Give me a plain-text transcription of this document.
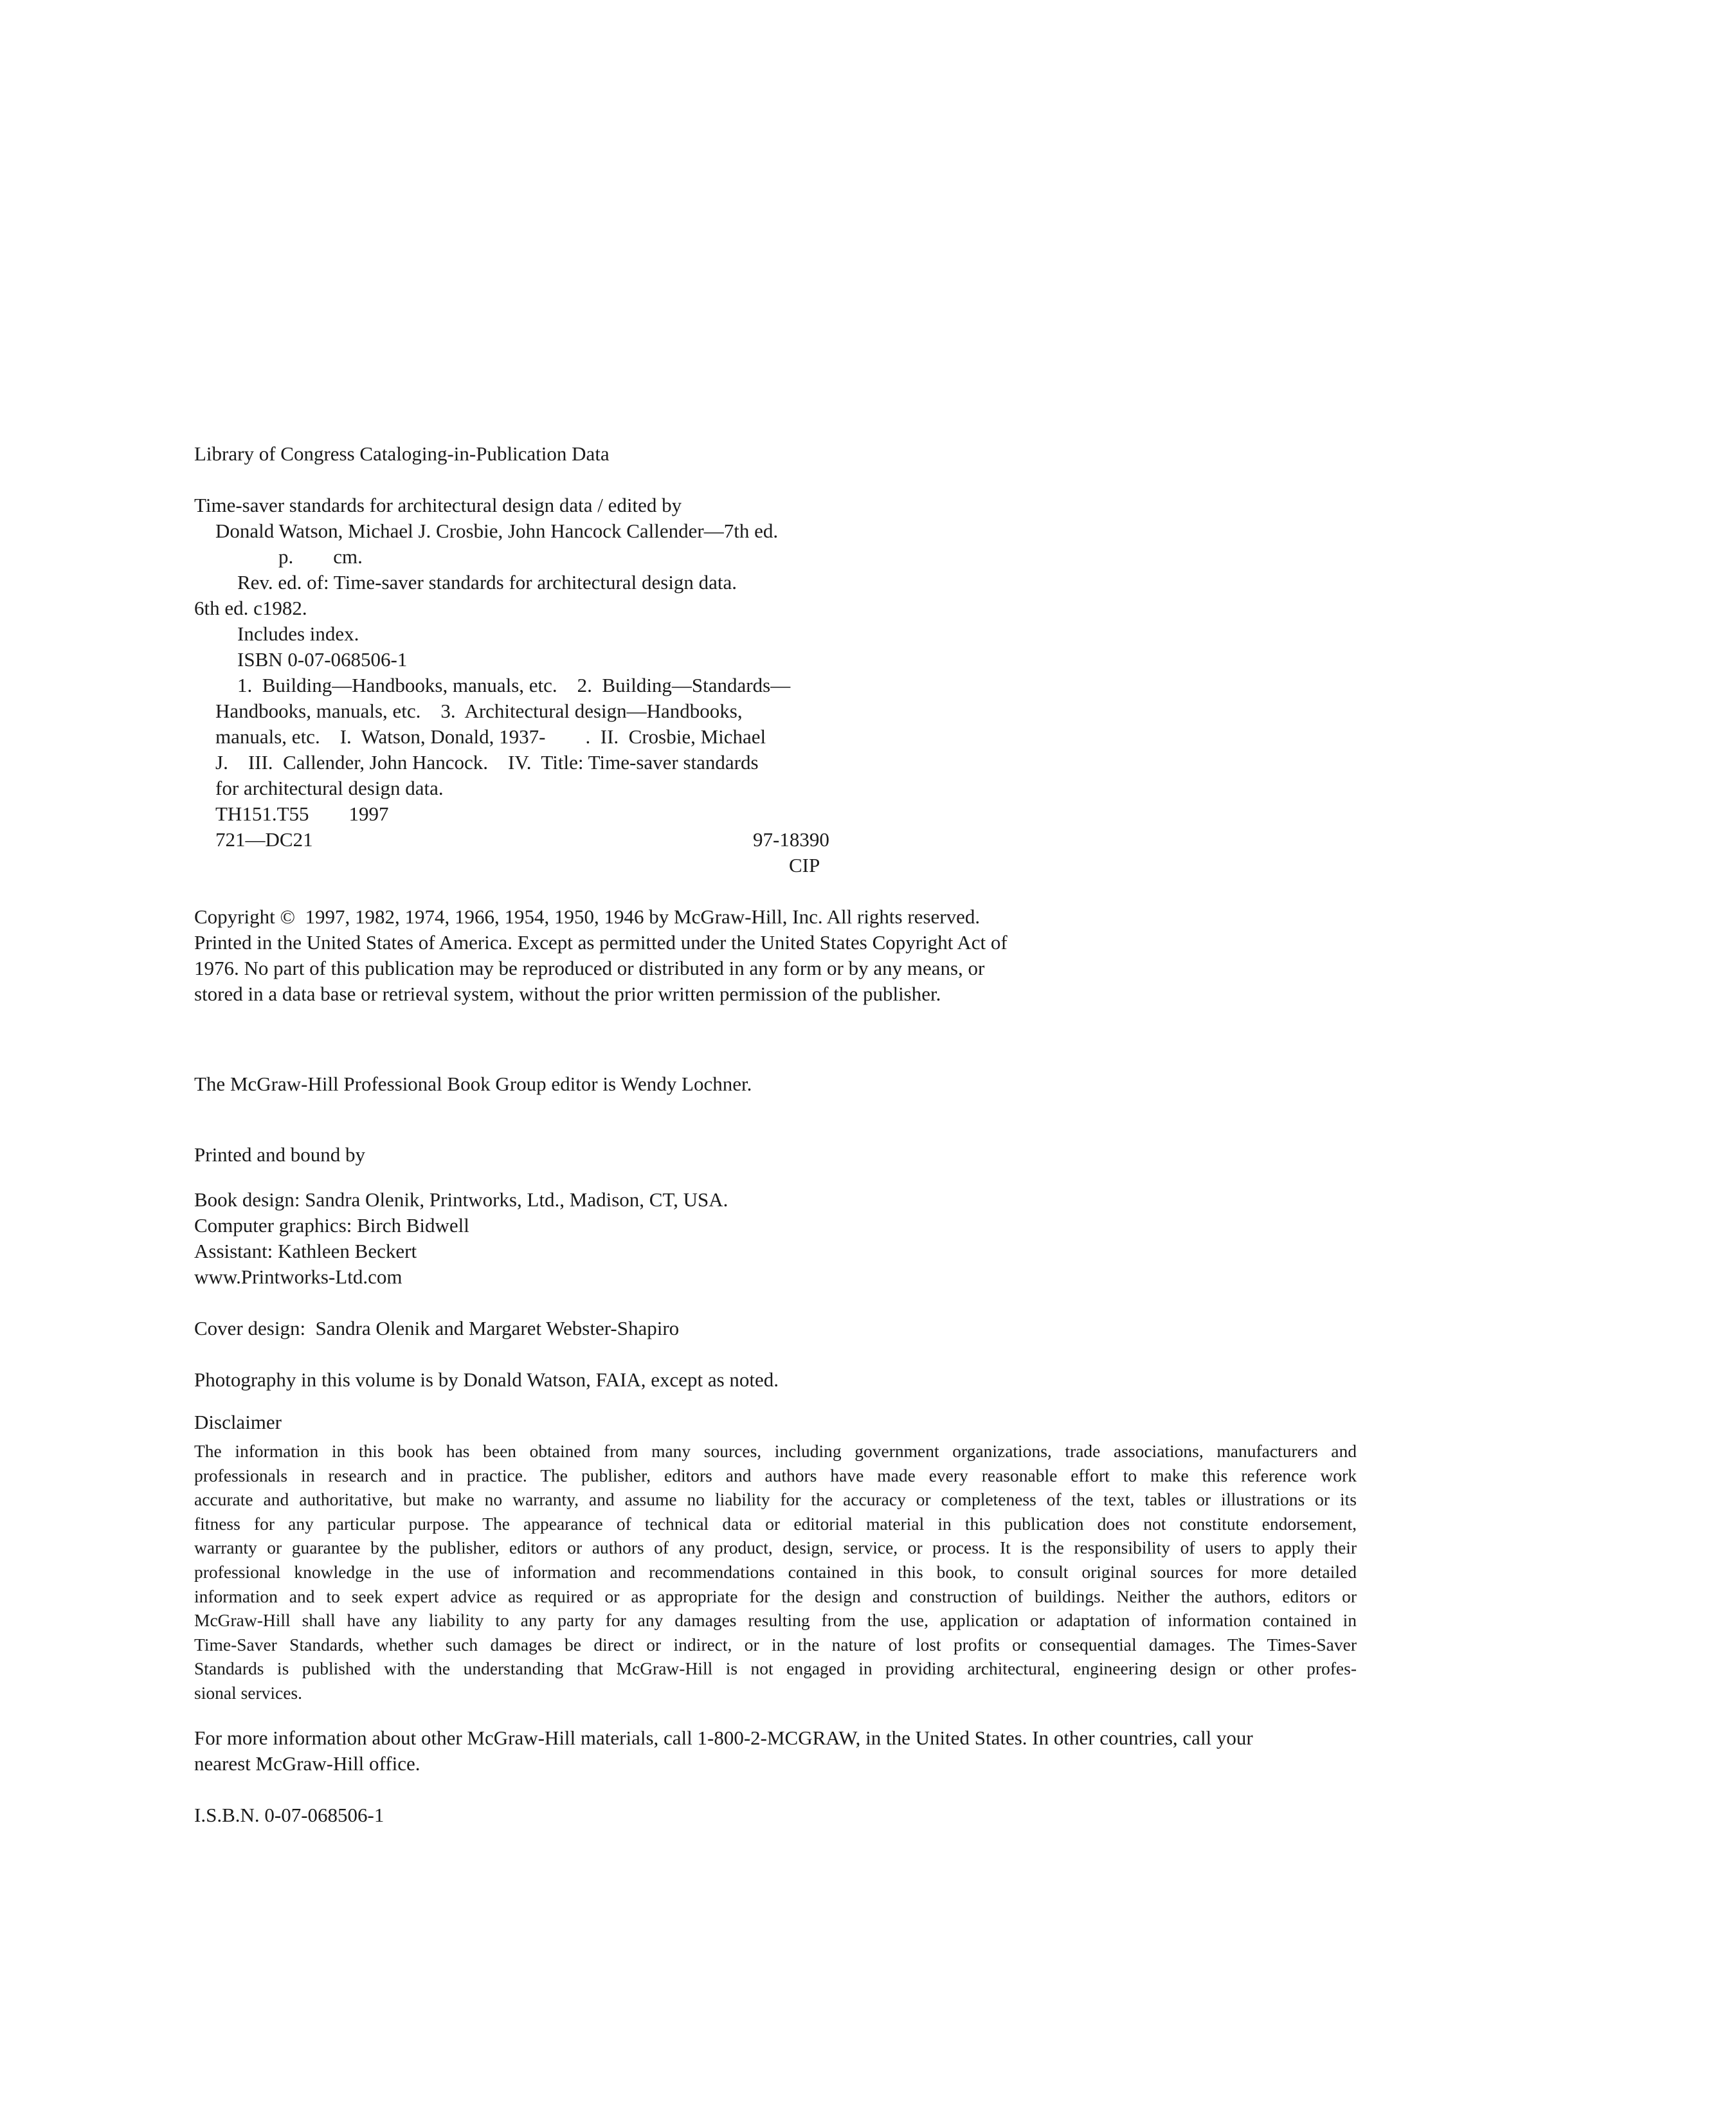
Library of Congress Cataloging-in-Publication Data
Time-saver standards for architectural design data / edited by
Donald Watson, Michael J. Crosbie, John Hancock Callender—7th ed.
p.        cm.
Rev. ed. of: Time-saver standards for architectural design data.
6th ed. c1982.
Includes index.
ISBN 0-07-068506-1
1.  Building—Handbooks, manuals, etc.    2.  Building—Standards—
Handbooks, manuals, etc.    3.  Architectural design—Handbooks,
manuals, etc.    I.  Watson, Donald, 1937-        .  II.  Crosbie, Michael
J.    III.  Callender, John Hancock.    IV.  Title: Time-saver standards
for architectural design data.
TH151.T55        1997
721—DC21	97-18390
CIP
Copyright ©  1997, 1982, 1974, 1966, 1954, 1950, 1946 by McGraw-Hill, Inc. All rights reserved.
Printed in the United States of America. Except as permitted under the United States Copyright Act of
1976. No part of this publication may be reproduced or distributed in any form or by any means, or
stored in a data base or retrieval system, without the prior written permission of the publisher.
The McGraw-Hill Professional Book Group editor is Wendy Lochner.
Printed and bound by
Book design: Sandra Olenik, Printworks, Ltd., Madison, CT, USA.
Computer graphics: Birch Bidwell
Assistant: Kathleen Beckert
www.Printworks-Ltd.com
Cover design:  Sandra Olenik and Margaret Webster-Shapiro
Photography in this volume is by Donald Watson, FAIA, except as noted.
Disclaimer
The information in this book has been obtained from many sources, including government organizations, trade associations, manufacturers and
professionals in research and in practice. The publisher, editors and authors have made every reasonable effort to make this reference work
accurate and authoritative, but make no warranty, and assume no liability for the accuracy or completeness of the text, tables or illustrations or its
fitness for any particular purpose. The appearance of technical data or editorial material in this publication does not constitute endorsement,
warranty or guarantee by the publisher, editors or authors of any product, design, service, or process. It is the responsibility of users to apply their
professional knowledge in the use of information and recommendations contained in this book, to consult original sources for more detailed
information and to seek expert advice as required or as appropriate for the design and construction of buildings. Neither the authors, editors or
McGraw-Hill shall have any liability to any party for any damages resulting from the use, application or adaptation of information contained in
Time-Saver Standards, whether such damages be direct or indirect, or in the nature of lost profits or consequential damages. The Times-Saver
Standards is published with the understanding that McGraw-Hill is not engaged in providing architectural, engineering design or other profes-
sional services.
For more information about other McGraw-Hill materials, call 1-800-2-MCGRAW, in the United States. In other countries, call your
nearest McGraw-Hill office.
I.S.B.N. 0-07-068506-1
